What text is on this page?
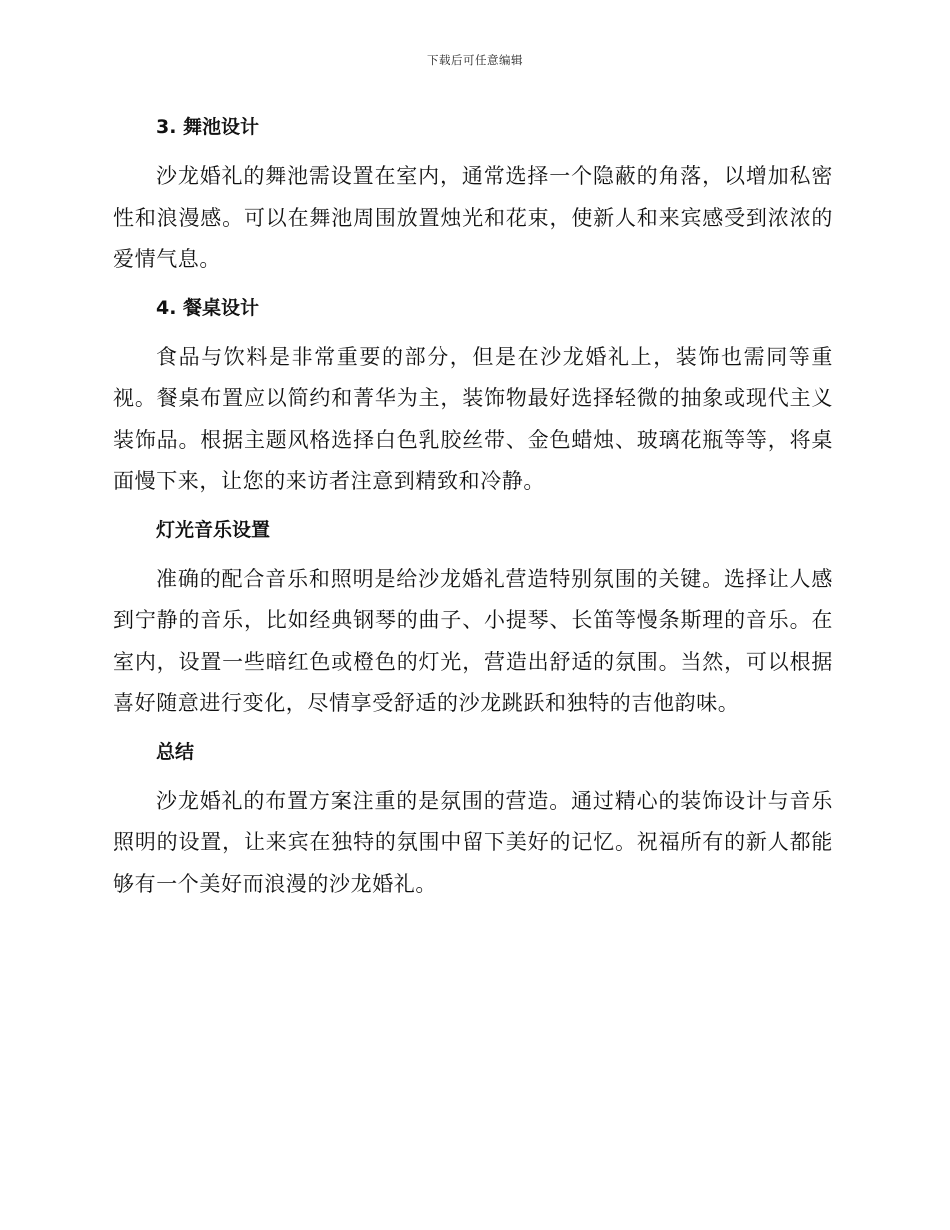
下载后可任意编辑
3. 舞池设计

沙龙婚礼的舞池需设置在室内，通常选择一个隐蔽的角落，以增加私密性和浪漫感。可以在舞池周围放置烛光和花束，使新人和来宾感受到浓浓的爱情气息。

4. 餐桌设计

食品与饮料是非常重要的部分，但是在沙龙婚礼上，装饰也需同等重视。餐桌布置应以简约和菁华为主，装饰物最好选择轻微的抽象或现代主义装饰品。根据主题风格选择白色乳胶丝带、金色蜡烛、玻璃花瓶等等，将桌面慢下来，让您的来访者注意到精致和冷静。

灯光音乐设置

准确的配合音乐和照明是给沙龙婚礼营造特别氛围的关键。选择让人感到宁静的音乐，比如经典钢琴的曲子、小提琴、长笛等慢条斯理的音乐。在室内，设置一些暗红色或橙色的灯光，营造出舒适的氛围。当然，可以根据喜好随意进行变化，尽情享受舒适的沙龙跳跃和独特的吉他韵味。

总结

沙龙婚礼的布置方案注重的是氛围的营造。通过精心的装饰设计与音乐照明的设置，让来宾在独特的氛围中留下美好的记忆。祝福所有的新人都能够有一个美好而浪漫的沙龙婚礼。
